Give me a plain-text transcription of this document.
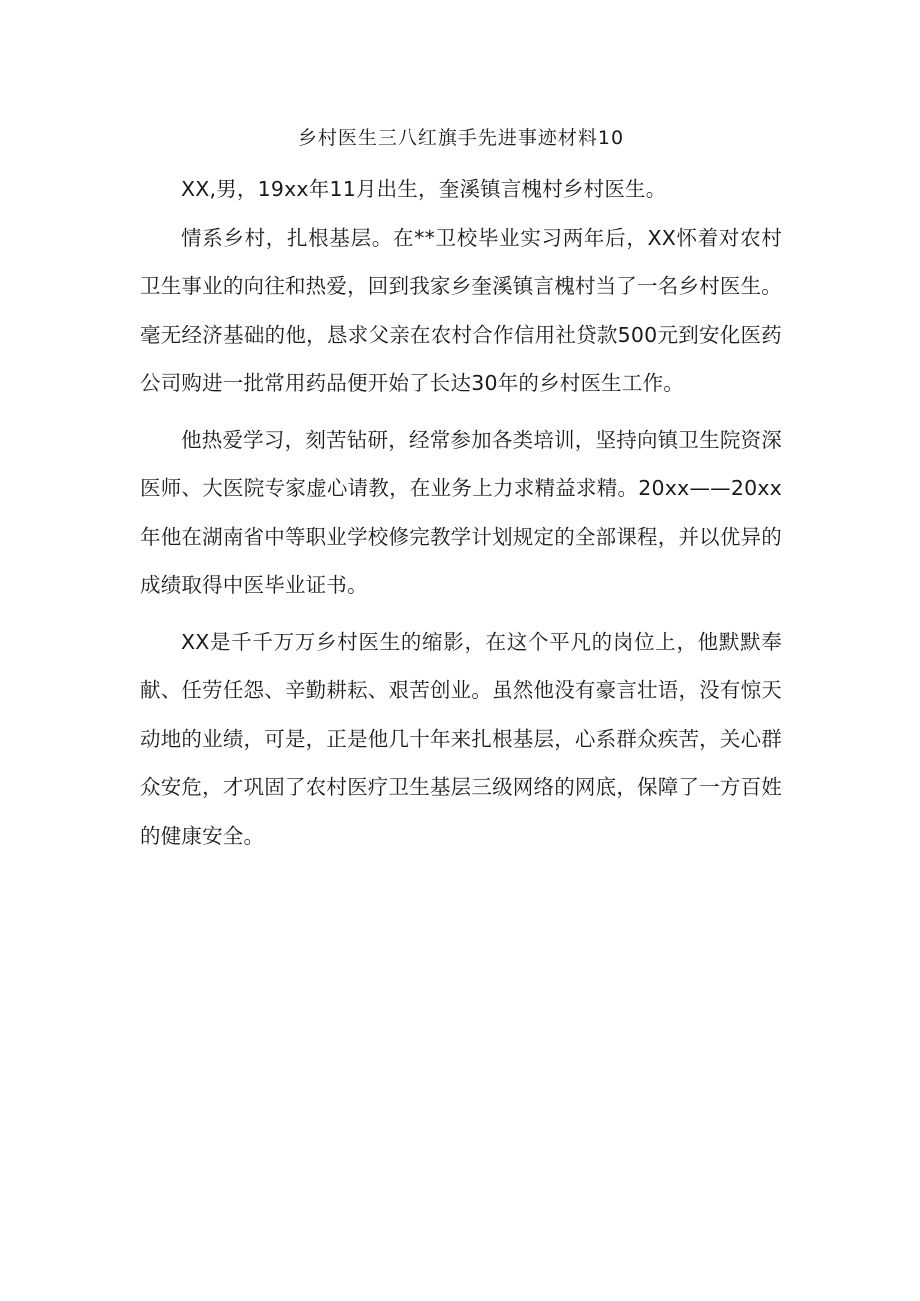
乡村医生三八红旗手先进事迹材料10

XX,男，19xx年11月出生，奎溪镇言槐村乡村医生。

情系乡村，扎根基层。在**卫校毕业实习两年后，XX怀着对农村卫生事业的向往和热爱，回到我家乡奎溪镇言槐村当了一名乡村医生。毫无经济基础的他，恳求父亲在农村合作信用社贷款500元到安化医药公司购进一批常用药品便开始了长达30年的乡村医生工作。

他热爱学习，刻苦钻研，经常参加各类培训，坚持向镇卫生院资深医师、大医院专家虚心请教，在业务上力求精益求精。20xx——20xx年他在湖南省中等职业学校修完教学计划规定的全部课程，并以优异的成绩取得中医毕业证书。

XX是千千万万乡村医生的缩影，在这个平凡的岗位上，他默默奉献、任劳任怨、辛勤耕耘、艰苦创业。虽然他没有豪言壮语，没有惊天动地的业绩，可是，正是他几十年来扎根基层，心系群众疾苦，关心群众安危，才巩固了农村医疗卫生基层三级网络的网底，保障了一方百姓的健康安全。
